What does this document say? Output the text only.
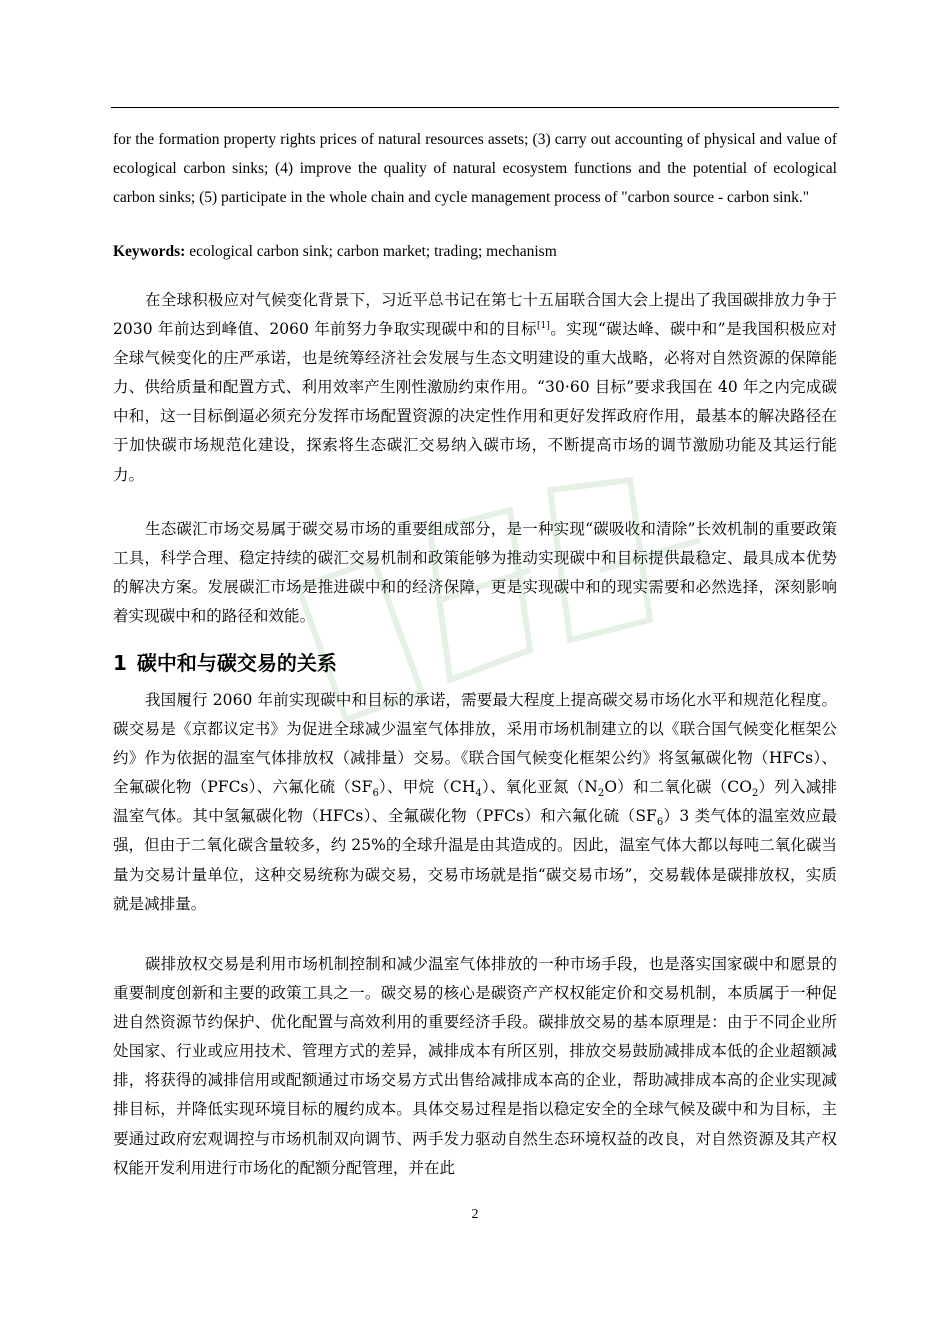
for the formation property rights prices of natural resources assets; (3) carry out accounting of physical and value of ecological carbon sinks; (4) improve the quality of natural ecosystem functions and the potential of ecological carbon sinks; (5) participate in the whole chain and cycle management process of "carbon source - carbon sink."

Keywords: ecological carbon sink; carbon market; trading; mechanism

在全球积极应对气候变化背景下，习近平总书记在第七十五届联合国大会上提出了我国碳排放力争于 2030 年前达到峰值、2060 年前努力争取实现碳中和的目标[1]。实现“碳达峰、碳中和”是我国积极应对全球气候变化的庄严承诺，也是统筹经济社会发展与生态文明建设的重大战略，必将对自然资源的保障能力、供给质量和配置方式、利用效率产生刚性激励约束作用。“30·60 目标”要求我国在 40 年之内完成碳中和，这一目标倒逼必须充分发挥市场配置资源的决定性作用和更好发挥政府作用，最基本的解决路径在于加快碳市场规范化建设，探索将生态碳汇交易纳入碳市场，不断提高市场的调节激励功能及其运行能力。

生态碳汇市场交易属于碳交易市场的重要组成部分，是一种实现“碳吸收和清除”长效机制的重要政策工具，科学合理、稳定持续的碳汇交易机制和政策能够为推动实现碳中和目标提供最稳定、最具成本优势的解决方案。发展碳汇市场是推进碳中和的经济保障，更是实现碳中和的现实需要和必然选择，深刻影响着实现碳中和的路径和效能。

1 碳中和与碳交易的关系

我国履行 2060 年前实现碳中和目标的承诺，需要最大程度上提高碳交易市场化水平和规范化程度。碳交易是《京都议定书》为促进全球减少温室气体排放，采用市场机制建立的以《联合国气候变化框架公约》作为依据的温室气体排放权（减排量）交易。《联合国气候变化框架公约》将氢氟碳化物（HFCs）、全氟碳化物（PFCs）、六氟化硫$(SF_6)$、甲烷$(CH_4)$、氧化亚氮$(N_2O)$和二氧化碳$(CO_2)$列入减排温室气体。其中氢氟碳化物（HFCs）、全氟碳化物（PFCs）和六氟化硫$(SF_6)3$ 类气体的温室效应最强，但由于二氧化碳含量较多，约 25%的全球升温是由其造成的。因此，温室气体大都以每吨二氧化碳当量为交易计量单位，这种交易统称为碳交易，交易市场就是指“碳交易市场”，交易载体是碳排放权，实质就是减排量。

碳排放权交易是利用市场机制控制和减少温室气体排放的一种市场手段，也是落实国家碳中和愿景的重要制度创新和主要的政策工具之一。碳交易的核心是碳资产产权权能定价和交易机制，本质属于一种促进自然资源节约保护、优化配置与高效利用的重要经济手段。碳排放交易的基本原理是：由于不同企业所处国家、行业或应用技术、管理方式的差异，减排成本有所区别，排放交易鼓励减排成本低的企业超额减排，将获得的减排信用或配额通过市场交易方式出售给减排成本高的企业，帮助减排成本高的企业实现减排目标，并降低实现环境目标的履约成本。具体交易过程是指以稳定安全的全球气候及碳中和为目标，主要通过政府宏观调控与市场机制双向调节、两手发力驱动自然生态环境权益的改良，对自然资源及其产权权能开发利用进行市场化的配额分配管理，并在此

2
